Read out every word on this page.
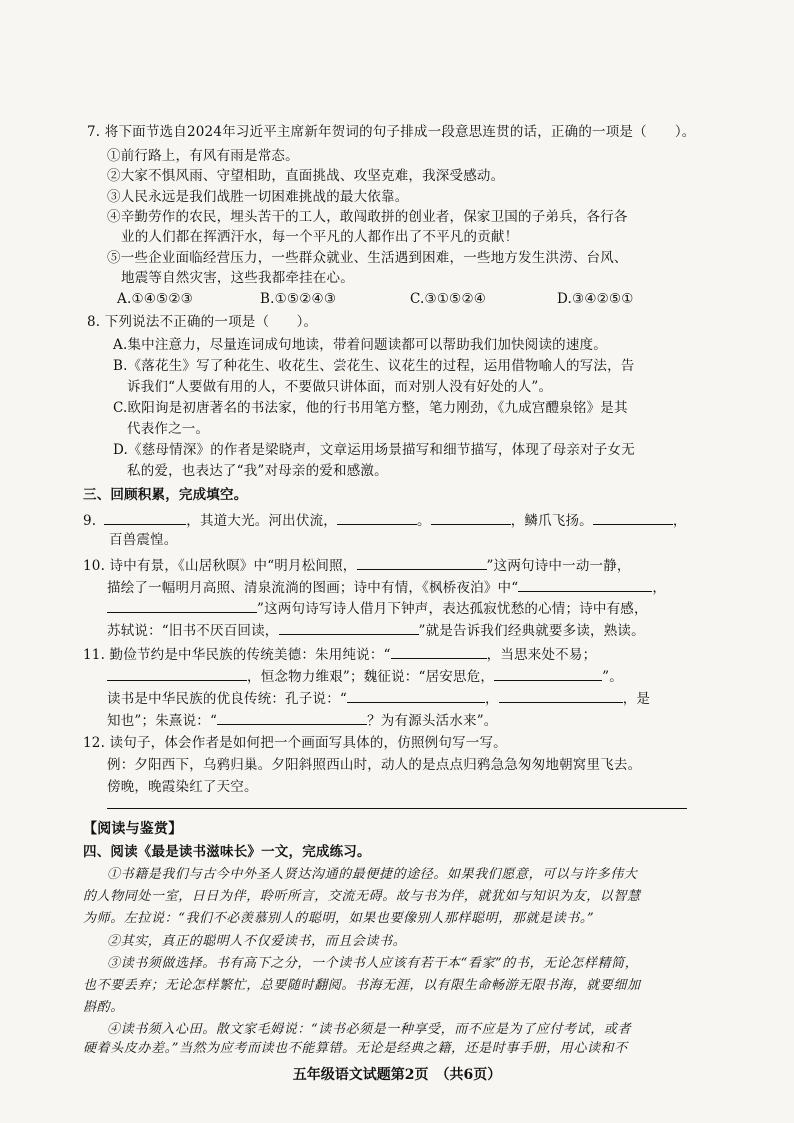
7. 将下面节选自2024年习近平主席新年贺词的句子排成一段意思连贯的话，正确的一项是（ ）。
①前行路上，有风有雨是常态。
②大家不惧风雨、守望相助，直面挑战、攻坚克难，我深受感动。
③人民永远是我们战胜一切困难挑战的最大依靠。
④辛勤劳作的农民，埋头苦干的工人，敢闯敢拼的创业者，保家卫国的子弟兵，各行各
业的人们都在挥洒汗水，每一个平凡的人都作出了不平凡的贡献！
⑤一些企业面临经营压力，一些群众就业、生活遇到困难，一些地方发生洪涝、台风、
地震等自然灾害，这些我都牵挂在心。
A.①④⑤②③	B.①⑤②④③	C.③①⑤②④	D.③④②⑤①
8. 下列说法不正确的一项是（　　）。
A.集中注意力，尽量连词成句地读，带着问题读都可以帮助我们加快阅读的速度。
B.《落花生》写了种花生、收花生、尝花生、议花生的过程，运用借物喻人的写法，告
诉我们“人要做有用的人，不要做只讲体面，而对别人没有好处的人”。
C.欧阳询是初唐著名的书法家，他的行书用笔方整，笔力刚劲，《九成宫醴泉铭》是其
代表作之一。
D.《慈母情深》的作者是梁晓声，文章运用场景描写和细节描写，体现了母亲对子女无
私的爱，也表达了“我”对母亲的爱和感激。
三、回顾积累，完成填空。
9.	，其道大光。河出伏流，	。	，鳞爪飞扬。	，
百兽震惶。
10. 诗中有景，《山居秋暝》中“明月松间照，	”这两句诗中一动一静，
描绘了一幅明月高照、清泉流淌的图画；诗中有情，《枫桥夜泊》中“	，
”这两句诗写诗人借月下钟声，表达孤寂忧愁的心情；诗中有感，
苏轼说：“旧书不厌百回读，	”就是告诉我们经典就要多读，熟读。
11. 勤俭节约是中华民族的传统美德：朱用纯说：“	，当思来处不易；
，恒念物力维艰”；魏征说：“居安思危，	”。
读书是中华民族的优良传统：孔子说：“	，	，是
知也”；朱熹说：“	？为有源头活水来”。
12. 读句子，体会作者是如何把一个画面写具体的，仿照例句写一写。
例：夕阳西下，乌鸦归巢。夕阳斜照西山时，动人的是点点归鸦急急匆匆地朝窝里飞去。
傍晚，晚霞染红了天空。
【阅读与鉴赏】
四、阅读《最是读书滋味长》一文，完成练习。
①书籍是我们与古今中外圣人贤达沟通的最便捷的途径。如果我们愿意，可以与许多伟大
的人物同处一室，日日为伴，聆听所言，交流无碍。故与书为伴，就犹如与知识为友，以智慧
为师。左拉说：“我们不必羡慕别人的聪明，如果也要像别人那样聪明，那就是读书。”
②其实，真正的聪明人不仅爱读书，而且会读书。
③读书须做选择。书有高下之分，一个读书人应该有若干本“看家”的书，无论怎样精简，
也不要丢弃；无论怎样繁忙，总要随时翻阅。书海无涯，以有限生命畅游无限书海，就要细加
斟酌。
④读书须入心田。散文家毛姆说：“读书必须是一种享受，而不应是为了应付考试，或者
五年级语文试题第2页　（共6页）
硬着头皮办差。”当然为应考而读也不能算错。无论是经典之籍，还是时事手册，用心读和不
